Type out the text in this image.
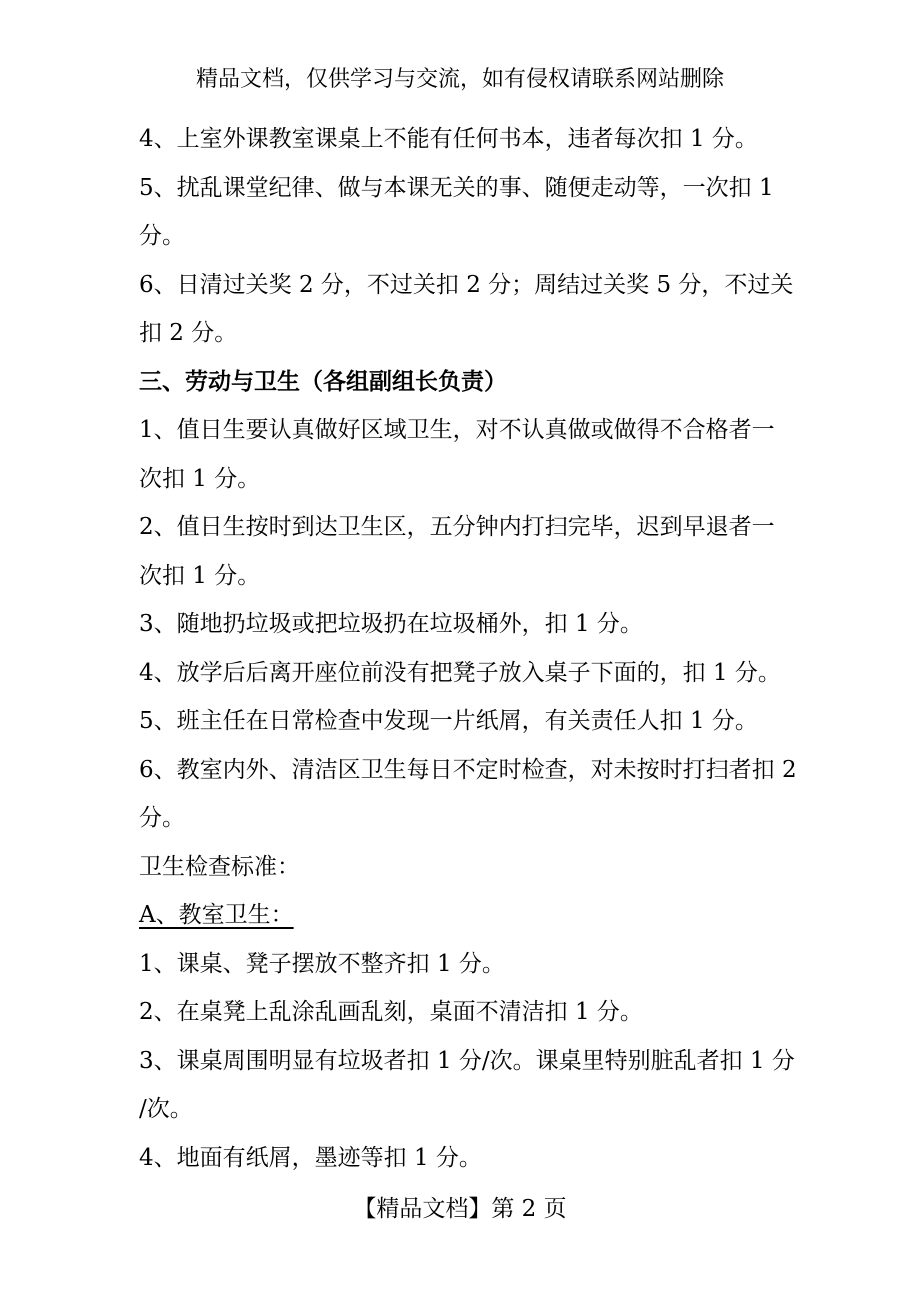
精品文档，仅供学习与交流，如有侵权请联系网站删除
4、上室外课教室课桌上不能有任何书本，违者每次扣 1 分。
5、扰乱课堂纪律、做与本课无关的事、随便走动等，一次扣 1
分。
6、日清过关奖 2 分，不过关扣 2 分；周结过关奖 5 分，不过关
扣 2 分。
三、劳动与卫生（各组副组长负责）
1、值日生要认真做好区域卫生，对不认真做或做得不合格者一
次扣 1 分。
2、值日生按时到达卫生区，五分钟内打扫完毕，迟到早退者一
次扣 1 分。
3、随地扔垃圾或把垃圾扔在垃圾桶外，扣 1 分。
4、放学后后离开座位前没有把凳子放入桌子下面的，扣 1 分。
5、班主任在日常检查中发现一片纸屑，有关责任人扣 1 分。
6、教室内外、清洁区卫生每日不定时检查，对未按时打扫者扣 2
分。
卫生检查标准：
A、教室卫生：
1、课桌、凳子摆放不整齐扣 1 分。
2、在桌凳上乱涂乱画乱刻，桌面不清洁扣 1 分。
3、课桌周围明显有垃圾者扣 1 分/次。课桌里特别脏乱者扣 1 分
/次。
4、地面有纸屑，墨迹等扣 1 分。
【精品文档】第 2 页
